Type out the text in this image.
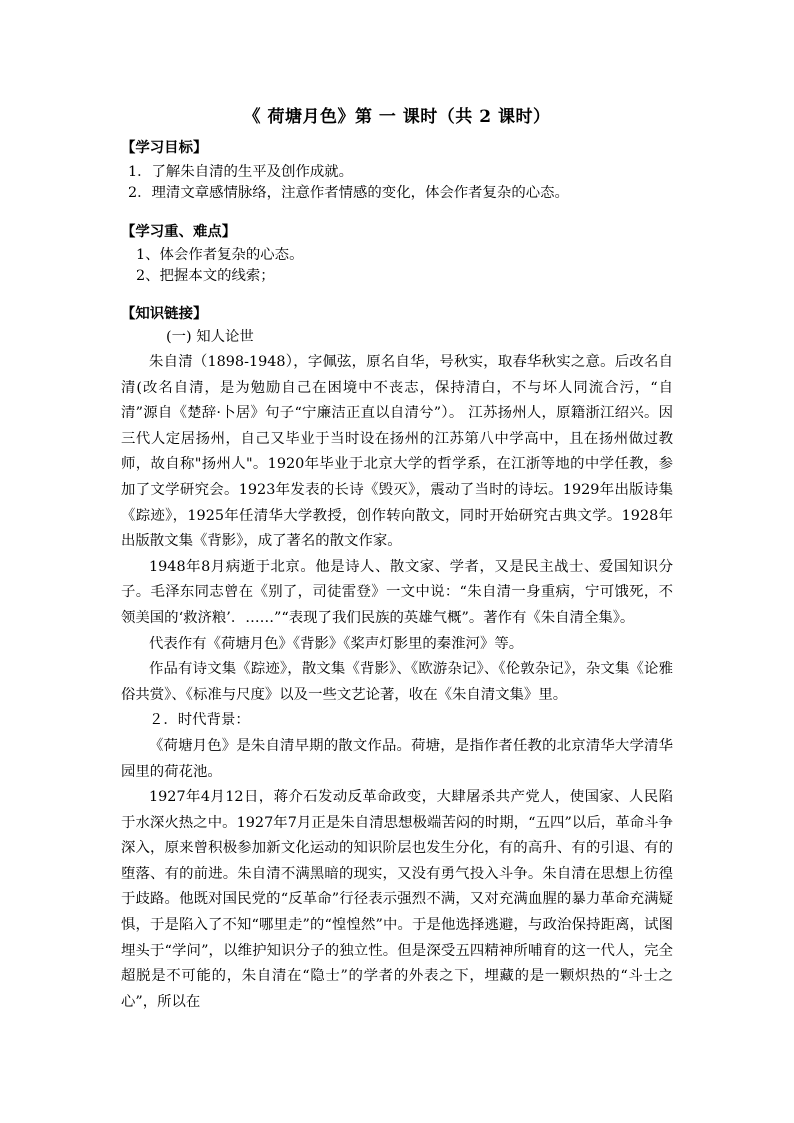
《 荷塘月色》第 一 课时（共 2 课时）
【学习目标】
1．了解朱自清的生平及创作成就。
2．理清文章感情脉络，注意作者情感的变化，体会作者复杂的心态。
【学习重、难点】
1、体会作者复杂的心态。
2、把握本文的线索；
【知识链接】
(一) 知人论世

朱自清（1898-1948），字佩弦，原名自华，号秋实，取春华秋实之意。后改名自清(改名自清，是为勉励自己在困境中不丧志，保持清白，不与坏人同流合污，“自清”源自《楚辞·卜居》句子“宁廉洁正直以自清兮”）。 江苏扬州人，原籍浙江绍兴。因三代人定居扬州，自己又毕业于当时设在扬州的江苏第八中学高中，且在扬州做过教师，故自称"扬州人"。1920年毕业于北京大学的哲学系，在江浙等地的中学任教，参加了文学研究会。1923年发表的长诗《毁灭》，震动了当时的诗坛。1929年出版诗集《踪迹》，1925年任清华大学教授，创作转向散文，同时开始研究古典文学。1928年出版散文集《背影》，成了著名的散文作家。

1948年8月病逝于北京。他是诗人、散文家、学者，又是民主战士、爱国知识分子。毛泽东同志曾在《别了，司徒雷登》一文中说：“朱自清一身重病，宁可饿死，不领美国的‘救济粮’．……”“表现了我们民族的英雄气概”。著作有《朱自清全集》。

代表作有《荷塘月色》《背影》《桨声灯影里的秦淮河》等。

作品有诗文集《踪迹》，散文集《背影》、《欧游杂记》、《伦敦杂记》，杂文集《论雅俗共赏》、《标准与尺度》以及一些文艺论著，收在《朱自清文集》里。

２．时代背景：

《荷塘月色》是朱自清早期的散文作品。荷塘，是指作者任教的北京清华大学清华园里的荷花池。

1927年4月12日，蒋介石发动反革命政变，大肆屠杀共产党人，使国家、人民陷于水深火热之中。1927年7月正是朱自清思想极端苦闷的时期，“五四”以后，革命斗争深入，原来曾积极参加新文化运动的知识阶层也发生分化，有的高升、有的引退、有的堕落、有的前进。朱自清不满黑暗的现实，又没有勇气投入斗争。朱自清在思想上彷徨于歧路。他既对国民党的“反革命”行径表示强烈不满，又对充满血腥的暴力革命充满疑惧，于是陷入了不知“哪里走”的“惶惶然”中。于是他选择逃避，与政治保持距离，试图埋头于“学问”，以维护知识分子的独立性。但是深受五四精神所哺育的这一代人，完全超脱是不可能的，朱自清在“隐士”的学者的外表之下，埋藏的是一颗炽热的“斗士之心”，所以在
